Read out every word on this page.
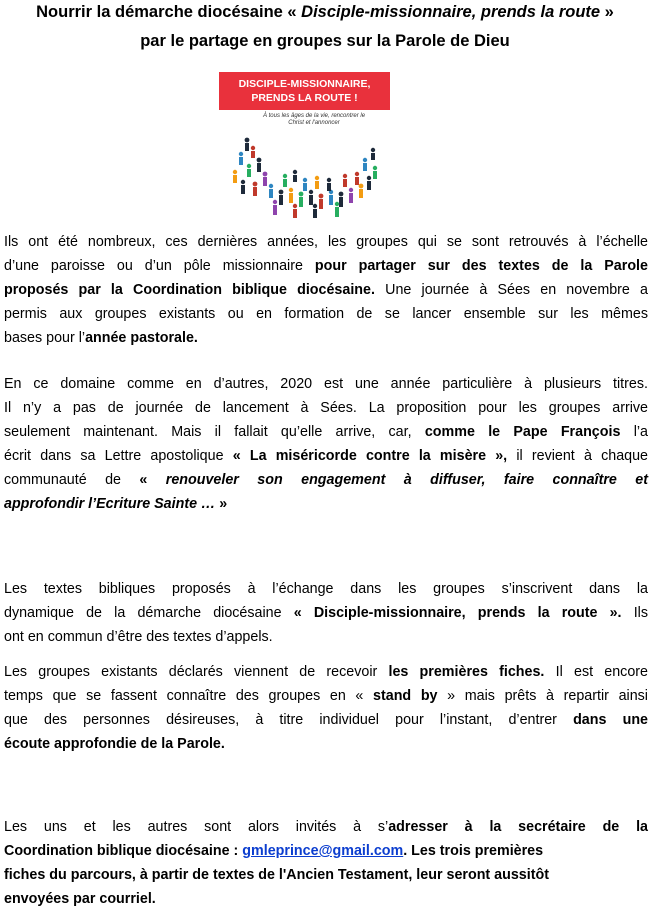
Nourrir la démarche diocésaine « Disciple-missionnaire, prends la route »
par le partage en groupes sur la Parole de Dieu
DISCIPLE-MISSIONNAIRE,
PRENDS LA ROUTE !
À tous les âges de la vie, rencontrer le Christ et l'annoncer
Ils ont été nombreux, ces dernières années, les groupes qui se sont retrouvés à l’échelle
d’une paroisse ou d’un pôle missionnaire pour partager sur des textes de la Parole
proposés par la Coordination biblique diocésaine. Une journée à Sées en novembre a
permis aux groupes existants ou en formation de se lancer ensemble sur les mêmes
bases pour l’année pastorale.
En ce domaine comme en d’autres, 2020 est une année particulière à plusieurs titres.
Il n’y a pas de journée de lancement à Sées. La proposition pour les groupes arrive
seulement maintenant. Mais il fallait qu’elle arrive, car, comme le Pape François l’a
écrit dans sa Lettre apostolique « La miséricorde contre la misère », il revient à chaque
communauté de « renouveler son engagement à diffuser, faire connaître et
approfondir l’Ecriture Sainte … »
Les textes bibliques proposés à l’échange dans les groupes s’inscrivent dans la
dynamique de la démarche diocésaine « Disciple-missionnaire, prends la route ». Ils
ont en commun d’être des textes d’appels.
Les groupes existants déclarés viennent de recevoir les premières fiches. Il est encore
temps que se fassent connaître des groupes en « stand by » mais prêts à repartir ainsi
que des personnes désireuses, à titre individuel pour l’instant, d’entrer dans une
écoute approfondie de la Parole.
Les uns et les autres sont alors invités à s’adresser à la secrétaire de la
Coordination biblique diocésaine : gmleprince@gmail.com. Les trois premières
fiches du parcours, à partir de textes de l'Ancien Testament, leur seront aussitôt
envoyées par courriel.
